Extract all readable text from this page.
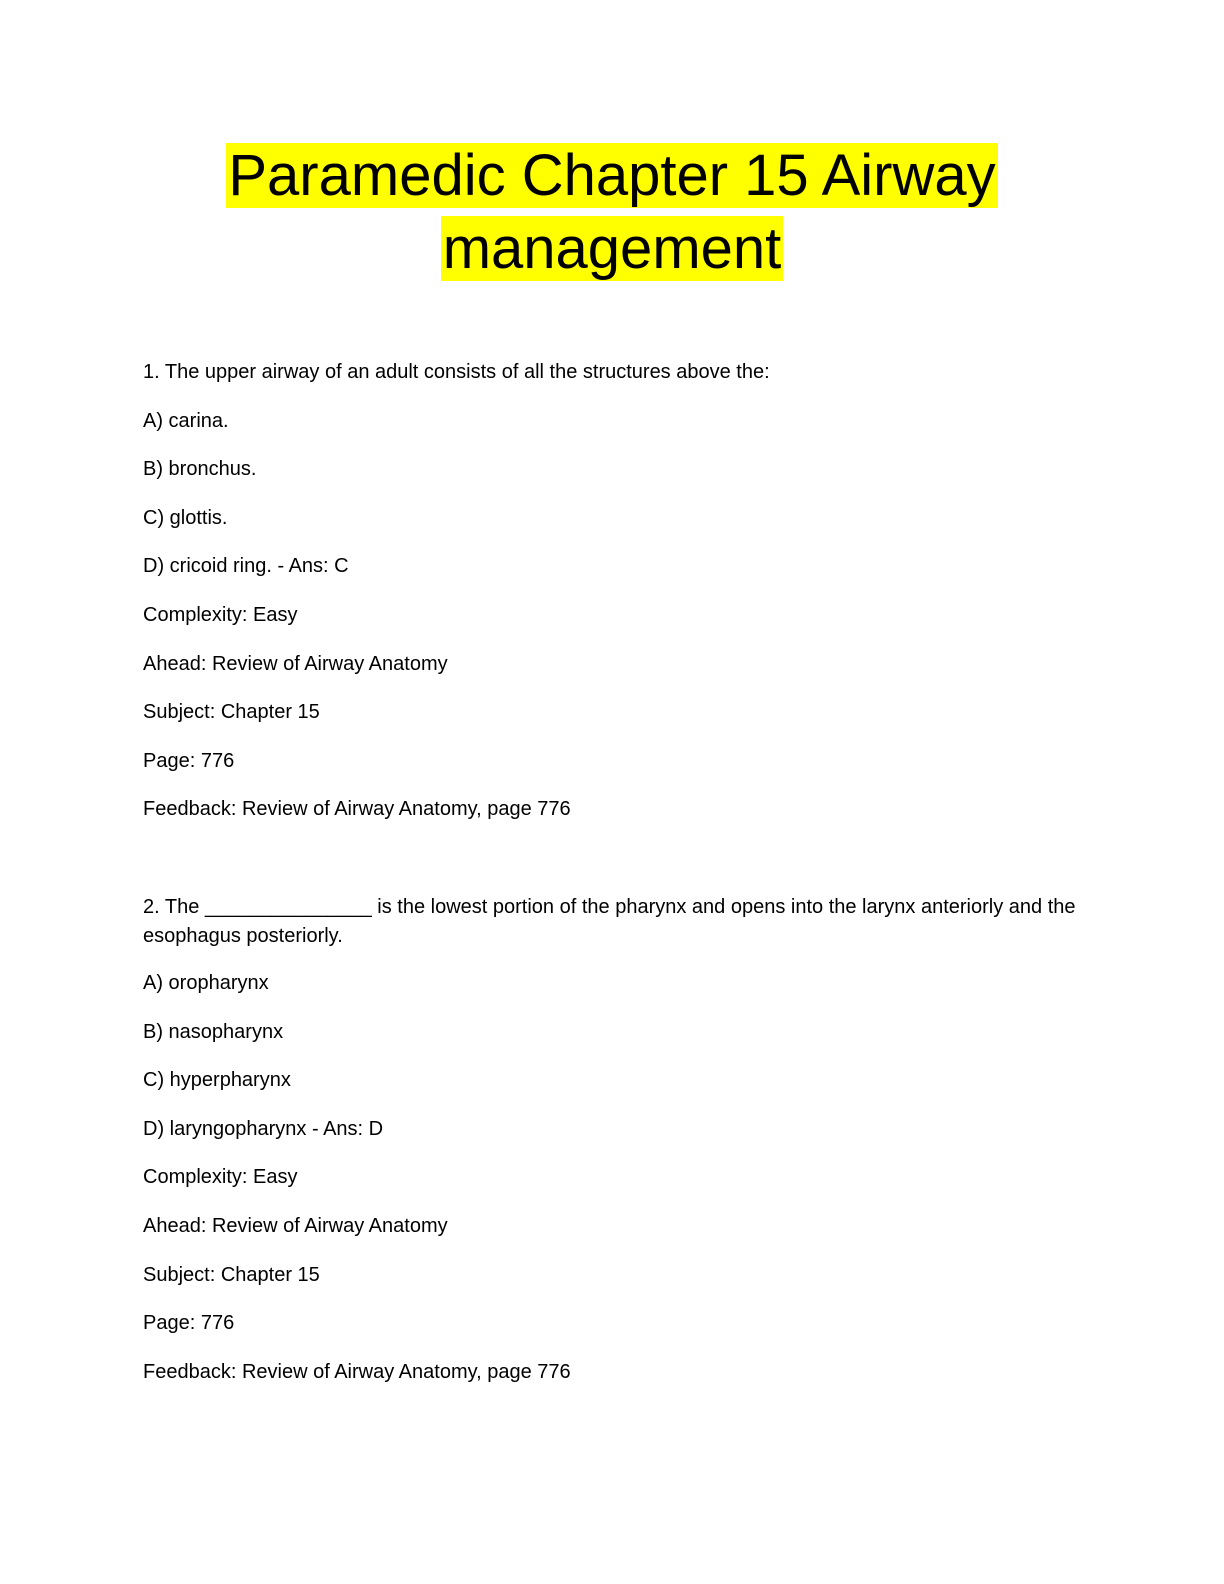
Paramedic Chapter 15 Airway
management
1. The upper airway of an adult consists of all the structures above the:
A) carina.
B) bronchus.
C) glottis.
D) cricoid ring. - Ans: C
Complexity: Easy
Ahead: Review of Airway Anatomy
Subject: Chapter 15
Page: 776
Feedback: Review of Airway Anatomy, page 776
2. The _______________ is the lowest portion of the pharynx and opens into the larynx anteriorly and the esophagus posteriorly.
A) oropharynx
B) nasopharynx
C) hyperpharynx
D) laryngopharynx - Ans: D
Complexity: Easy
Ahead: Review of Airway Anatomy
Subject: Chapter 15
Page: 776
Feedback: Review of Airway Anatomy, page 776
